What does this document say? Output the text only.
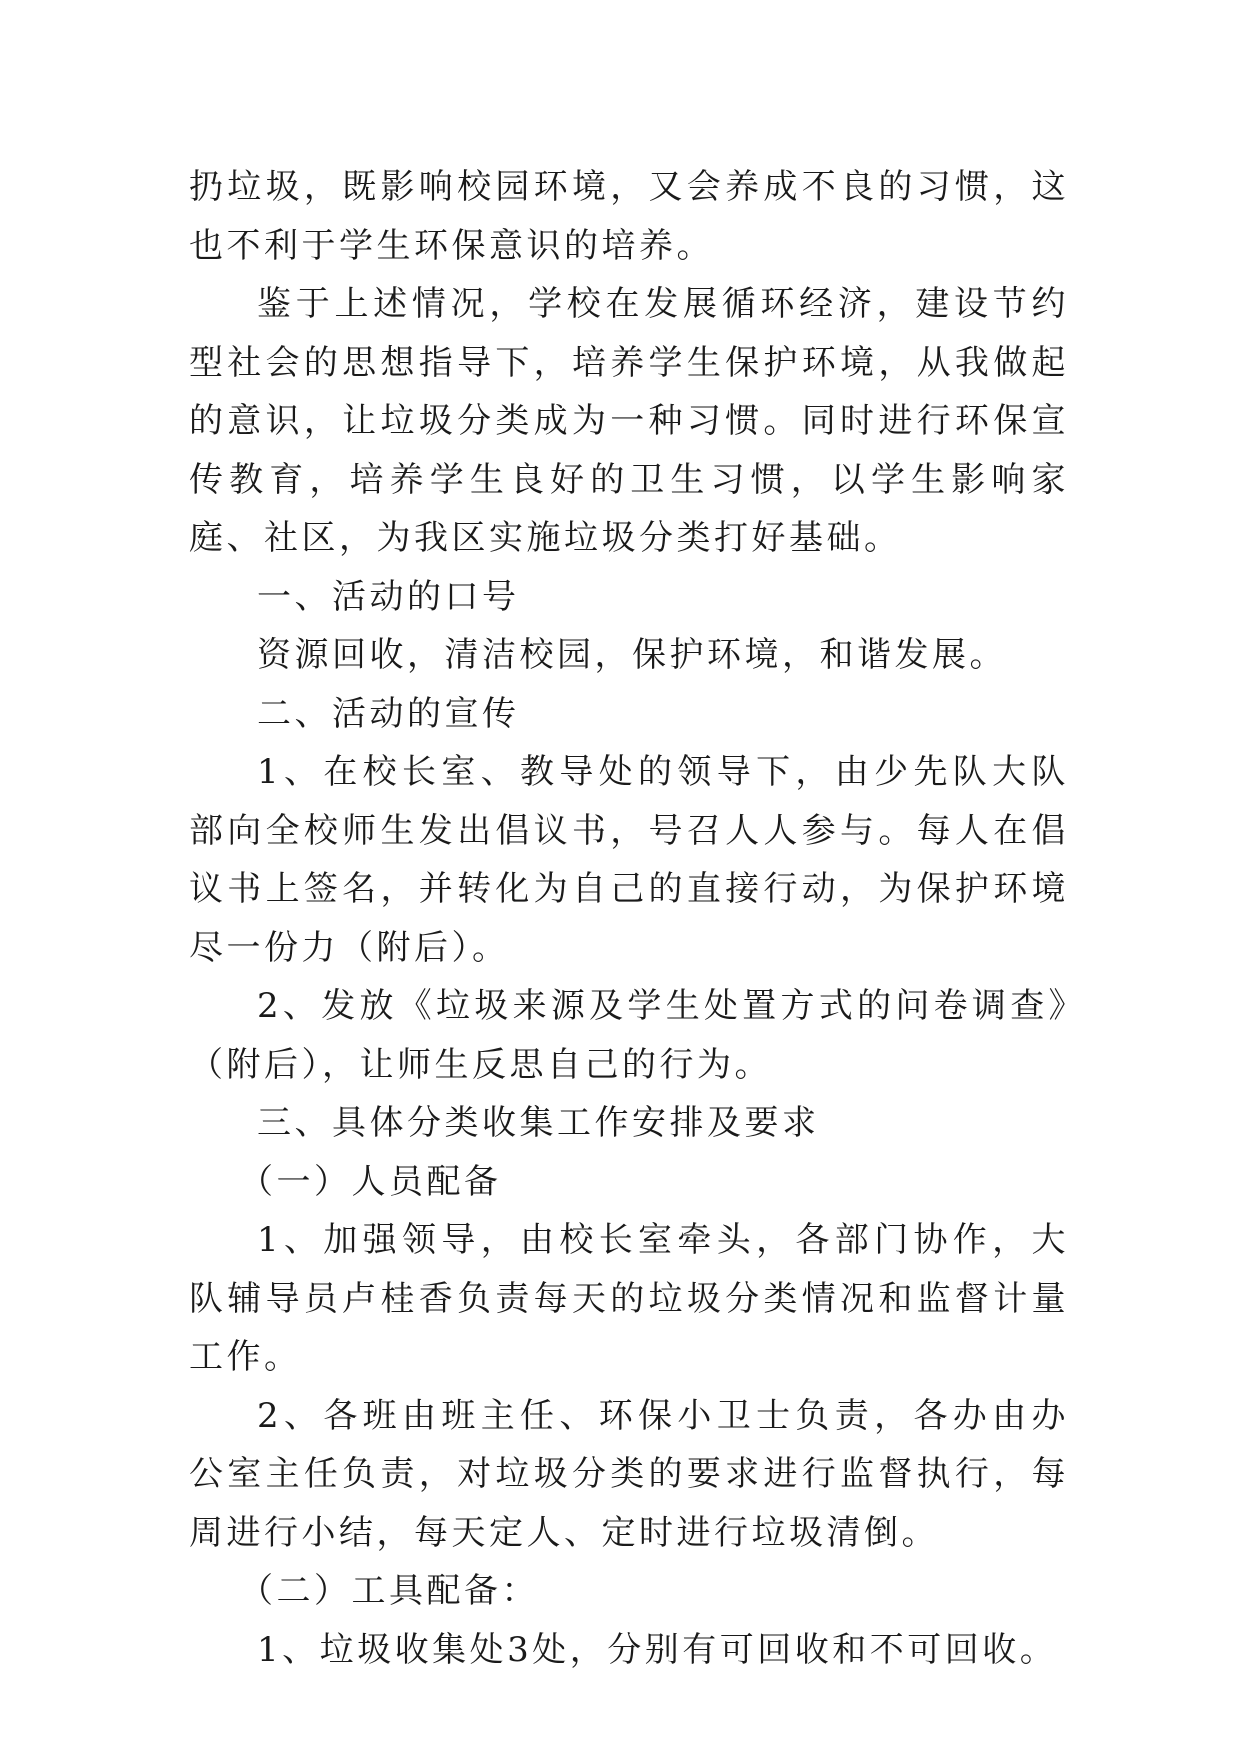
扔垃圾，既影响校园环境，又会养成不良的习惯，这也不利于学生环保意识的培养。

鉴于上述情况，学校在发展循环经济，建设节约型社会的思想指导下，培养学生保护环境，从我做起的意识，让垃圾分类成为一种习惯。同时进行环保宣传教育，培养学生良好的卫生习惯，以学生影响家庭、社区，为我区实施垃圾分类打好基础。

一、活动的口号

资源回收，清洁校园，保护环境，和谐发展。

二、活动的宣传

1、在校长室、教导处的领导下，由少先队大队部向全校师生发出倡议书，号召人人参与。每人在倡议书上签名，并转化为自己的直接行动，为保护环境尽一份力（附后）。

2、发放《垃圾来源及学生处置方式的问卷调查》（附后），让师生反思自己的行为。

三、具体分类收集工作安排及要求

（一）人员配备

1、加强领导，由校长室牵头，各部门协作，大队辅导员卢桂香负责每天的垃圾分类情况和监督计量工作。

2、各班由班主任、环保小卫士负责，各办由办公室主任负责，对垃圾分类的要求进行监督执行，每周进行小结，每天定人、定时进行垃圾清倒。

（二）工具配备：

1、垃圾收集处3处，分别有可回收和不可回收。
